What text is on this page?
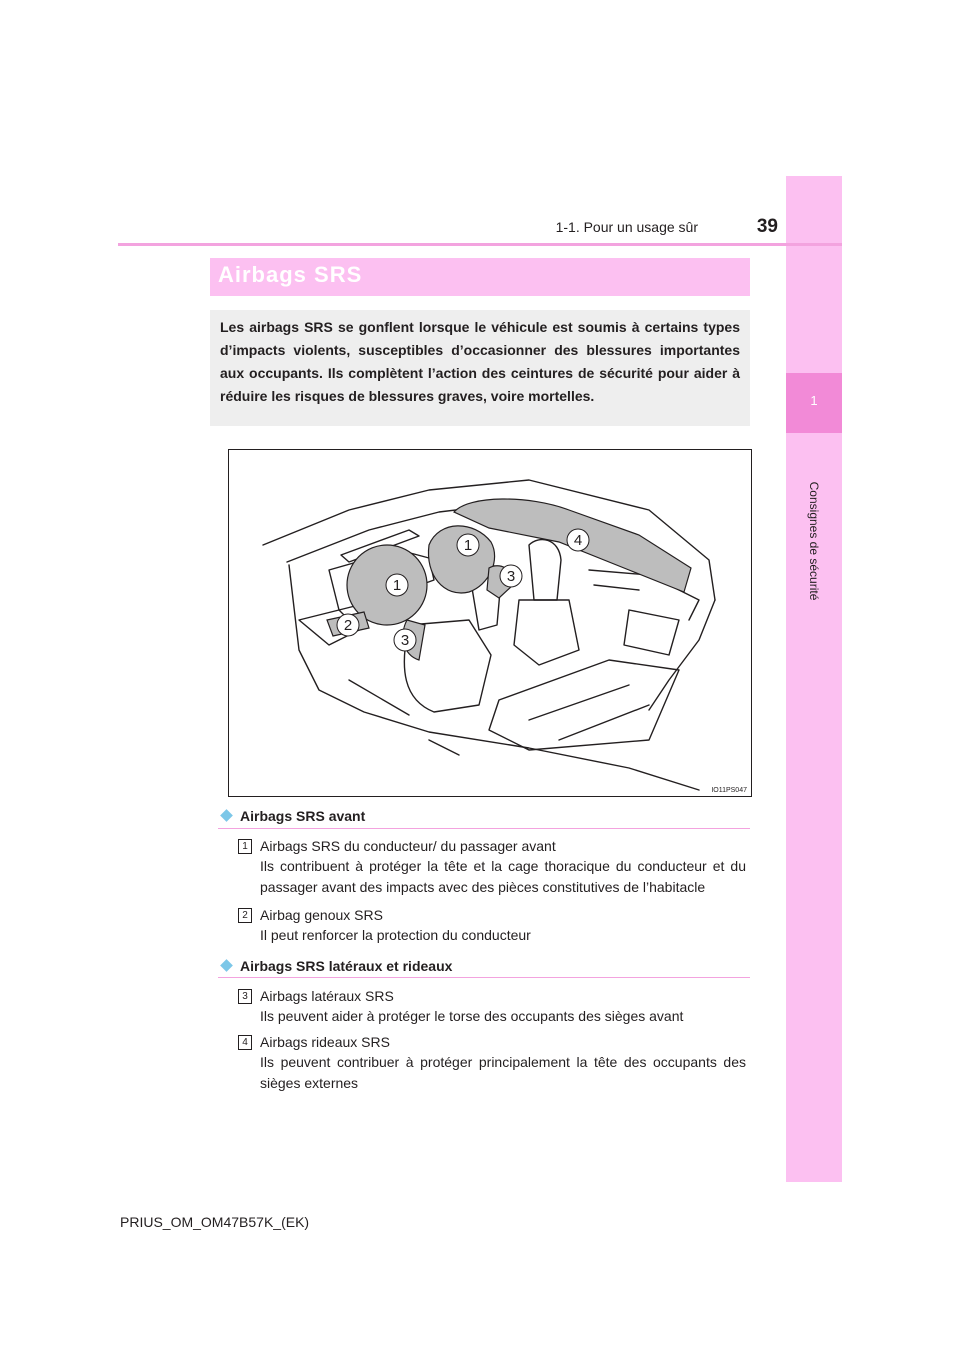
1
Consignes de sécurité
1-1. Pour un usage sûr	39
Airbags SRS
Les airbags SRS se gonflent lorsque le véhicule est soumis à certains types d’impacts violents, susceptibles d’occasionner des blessures importantes aux occupants. Ils complètent l’action des ceintures de sécurité pour aider à réduire les risques de blessures graves, voire mortelles.
1
1
2
3
3
4
IO11PS047
Airbags SRS avant
1 Airbags SRS du conducteur/ du passager avant
Ils contribuent à protéger la tête et la cage thoracique du conducteur et du passager avant des impacts avec des pièces constitutives de l’habitacle
2 Airbag genoux SRS
Il peut renforcer la protection du conducteur
Airbags SRS latéraux et rideaux
3 Airbags latéraux SRS
Ils peuvent aider à protéger le torse des occupants des sièges avant
4 Airbags rideaux SRS
Ils peuvent contribuer à protéger principalement la tête des occupants des sièges externes
PRIUS_OM_OM47B57K_(EK)
